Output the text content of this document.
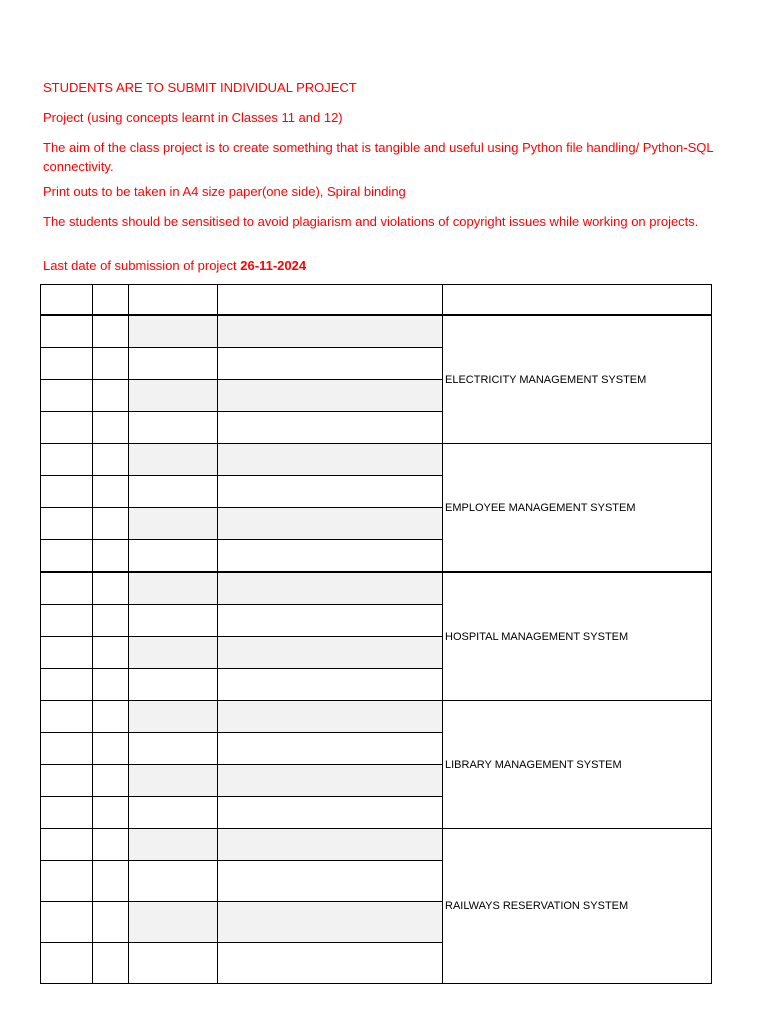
STUDENTS ARE TO SUBMIT INDIVIDUAL PROJECT
Project (using concepts learnt in Classes 11 and 12)
The aim of the class project is to create something that is tangible and useful using Python file handling/ Python-SQL connectivity.
Print outs to be taken in A4 size paper(one side), Spiral binding
The students should be sensitised to avoid plagiarism and violations of copyright issues while working on projects.
Last date of submission of project 26-11-2024

				ELECTRICITY MANAGEMENT SYSTEM

				EMPLOYEE MANAGEMENT SYSTEM

				HOSPITAL MANAGEMENT SYSTEM

				LIBRARY MANAGEMENT SYSTEM

				RAILWAYS RESERVATION SYSTEM
